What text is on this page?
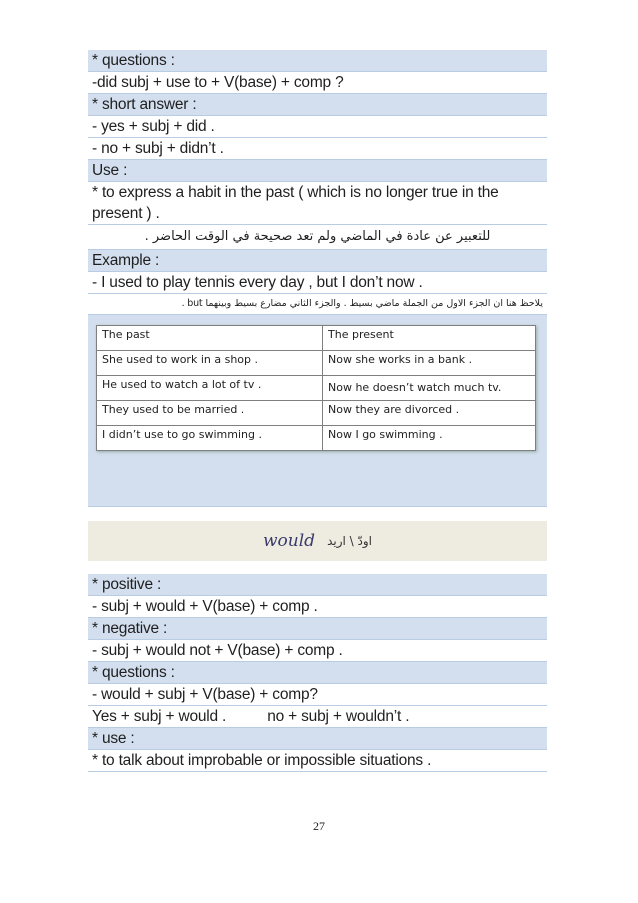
* questions :
-did subj + use to + V(base) + comp ?
* short answer :
- yes + subj + did .
- no + subj + didn’t .
Use :
* to express a habit in the past ( which is no longer true in the present ) .
للتعبير عن عادة في الماضي ولم تعد صحيحة في الوقت الحاضر .
Example :
- I used to play tennis every day , but I don’t now .
يلاحظ هنا ان الجزء الاول من الجملة ماضي بسيط . والجزء الثاني مضارع بسيط وبينهما but .
The past	The present
She used to work in a shop .	Now she works in a bank .
He used to watch a lot of tv .	Now he doesn’t watch much tv.
They used to be married .	Now they are divorced .
I didn’t use to go swimming .	Now I go swimming .
would اودّ \ اريد
* positive :
- subj + would + V(base) + comp .
* negative :
- subj + would not + V(base) + comp .
* questions :
- would + subj + V(base) + comp?
Yes + subj + would .          no + subj + wouldn’t .
* use :
* to talk about improbable or impossible situations .
27
